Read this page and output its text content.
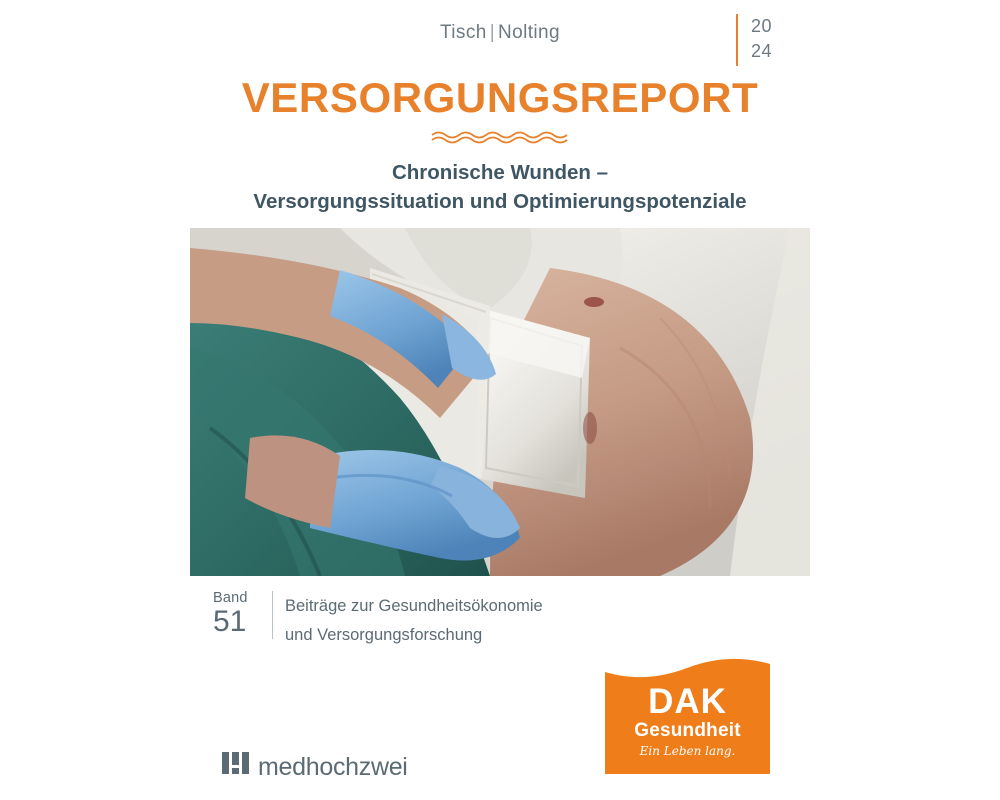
Tisch | Nolting	20
24
VERSORGUNGSREPORT
Chronische Wunden –
Versorgungssituation und Optimierungspotenziale
Band
51	Beiträge zur Gesundheitsökonomie
und Versorgungsforschung
DAK
Gesundheit
Ein Leben lang.
medhochzwei
